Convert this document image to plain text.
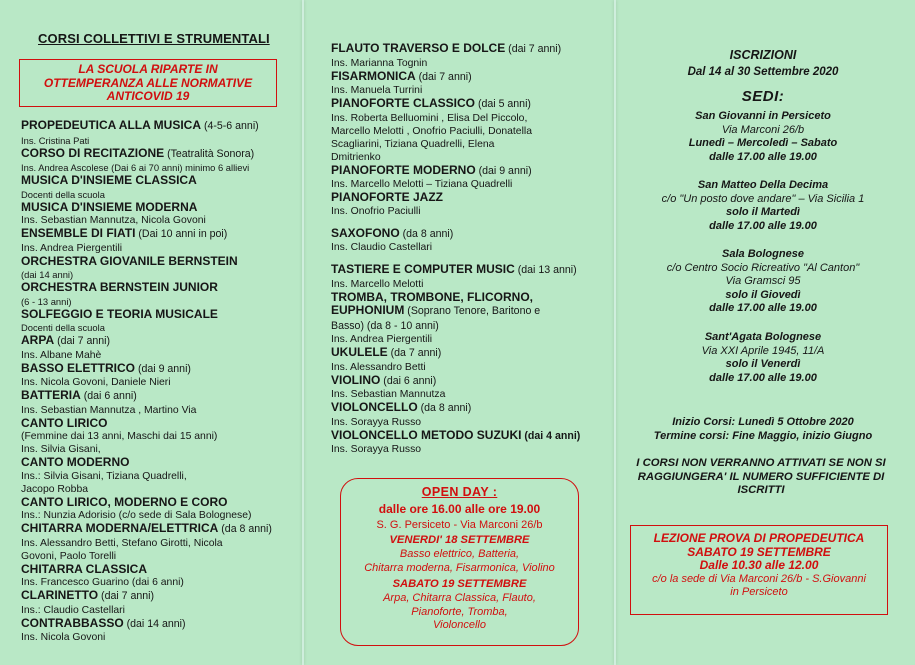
CORSI COLLETTIVI E STRUMENTALI
LA SCUOLA RIPARTE IN
OTTEMPERANZA ALLE NORMATIVE
ANTICOVID 19
PROPEDEUTICA ALLA MUSICA (4-5-6 anni)
Ins. Cristina Pati
CORSO DI RECITAZIONE (Teatralità Sonora)
Ins. Andrea Ascolese (Dai 6 ai 70 anni) minimo 6 allievi
MUSICA D'INSIEME CLASSICA
Docenti della scuola
MUSICA D'INSIEME MODERNA
Ins. Sebastian Mannutza, Nicola Govoni
ENSEMBLE DI FIATI (Dai 10 anni in poi)
Ins. Andrea Piergentili
ORCHESTRA GIOVANILE BERNSTEIN
(dai 14 anni)
ORCHESTRA BERNSTEIN JUNIOR
(6 - 13 anni)
SOLFEGGIO E TEORIA MUSICALE
Docenti della scuola
ARPA (dai 7 anni)
Ins. Albane Mahè
BASSO ELETTRICO (dai 9 anni)
Ins. Nicola Govoni, Daniele Nieri
BATTERIA (dai 6 anni)
Ins. Sebastian Mannutza , Martino Via
CANTO LIRICO
(Femmine dai 13 anni, Maschi dai 15 anni)
Ins. Silvia Gisani,
CANTO MODERNO
Ins.: Silvia Gisani, Tiziana Quadrelli,
Jacopo Robba
CANTO LIRICO, MODERNO E CORO
Ins.: Nunzia Adorisio (c/o sede di Sala Bolognese)
CHITARRA MODERNA/ELETTRICA (da 8 anni)
Ins. Alessandro Betti, Stefano Girotti, Nicola
Govoni, Paolo Torelli
CHITARRA CLASSICA
Ins. Francesco Guarino (dai 6 anni)
CLARINETTO (dai 7 anni)
Ins.: Claudio Castellari
CONTRABBASSO (dai 14 anni)
Ins. Nicola Govoni
FLAUTO TRAVERSO E DOLCE (dai 7 anni)
Ins. Marianna Tognin
FISARMONICA (dai 7 anni)
Ins. Manuela Turrini
PIANOFORTE CLASSICO (dai 5 anni)
Ins. Roberta Belluomini , Elisa Del Piccolo,
Marcello Melotti , Onofrio Paciulli, Donatella
Scagliarini, Tiziana Quadrelli, Elena
Dmitrienko
PIANOFORTE MODERNO (dai 9 anni)
Ins. Marcello Melotti – Tiziana Quadrelli
PIANOFORTE JAZZ
Ins. Onofrio Paciulli
SAXOFONO (da 8 anni)
Ins. Claudio Castellari
TASTIERE E COMPUTER MUSIC (dai 13 anni)
Ins. Marcello Melotti
TROMBA, TROMBONE, FLICORNO,
EUPHONIUM (Soprano Tenore, Baritono e
Basso) (da 8 - 10 anni)
Ins. Andrea Piergentili
UKULELE (da 7 anni)
Ins. Alessandro Betti
VIOLINO (dai 6 anni)
Ins. Sebastian Mannutza
VIOLONCELLO (da 8 anni)
Ins. Sorayya Russo
VIOLONCELLO METODO SUZUKI (dai 4 anni)
Ins. Sorayya Russo
OPEN DAY :
dalle ore 16.00 alle ore 19.00
S. G. Persiceto - Via Marconi 26/b
VENERDI' 18 SETTEMBRE
Basso elettrico, Batteria,
Chitarra moderna, Fisarmonica, Violino
SABATO 19 SETTEMBRE
Arpa, Chitarra Classica, Flauto,
Pianoforte, Tromba,
Violoncello
ISCRIZIONI
Dal 14 al 30 Settembre 2020
SEDI:
San Giovanni in Persiceto
Via Marconi 26/b
Lunedì – Mercoledì – Sabato
dalle 17.00 alle 19.00
San Matteo Della Decima
c/o "Un posto dove andare" – Via Sicilia 1
solo il Martedì
dalle 17.00 alle 19.00
Sala Bolognese
c/o Centro Socio Ricreativo "Al Canton"
Via Gramsci 95
solo il Giovedì
dalle 17.00 alle 19.00
Sant'Agata Bolognese
Via XXI Aprile 1945, 11/A
solo il Venerdì
dalle 17.00 alle 19.00
Inizio Corsi: Lunedì 5 Ottobre 2020
Termine corsi: Fine Maggio, inizio Giugno
I CORSI NON VERRANNO ATTIVATI SE NON SI
RAGGIUNGERA' IL NUMERO SUFFICIENTE DI
ISCRITTI
LEZIONE PROVA DI PROPEDEUTICA
SABATO 19 SETTEMBRE
Dalle 10.30 alle 12.00
c/o la sede di Via Marconi 26/b - S.Giovanni
in Persiceto
